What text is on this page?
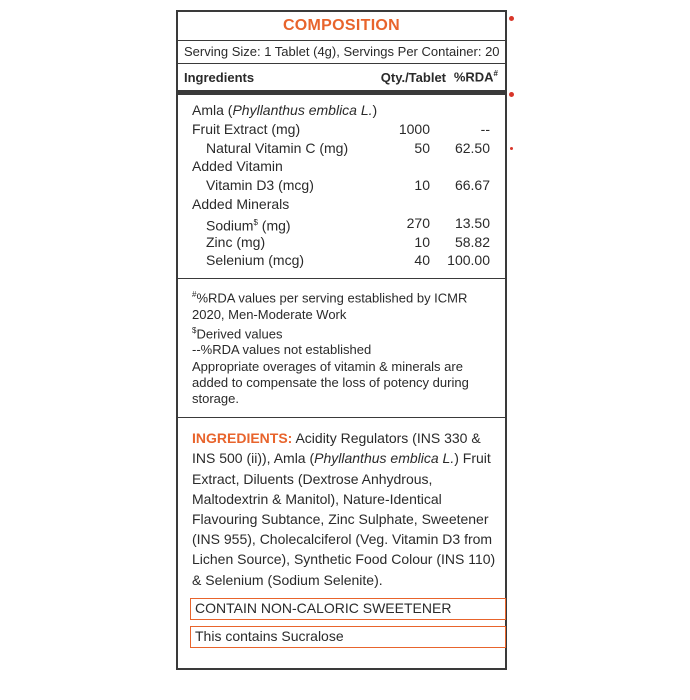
COMPOSITION
Serving Size: 1 Tablet (4g), Servings Per Container: 20
Ingredients	Qty./Tablet %RDA#
Amla (Phyllanthus emblica L.)
Fruit Extract (mg)	1000	--
Natural Vitamin C (mg)	50	62.50
Added Vitamin
Vitamin D3 (mcg)	10	66.67
Added Minerals
Sodium$ (mg)	270	13.50
Zinc (mg)	10	58.82
Selenium (mcg)	40	100.00
#%RDA values per serving established by ICMR 2020, Men-Moderate Work
$Derived values
--%RDA values not established
Appropriate overages of vitamin & minerals are added to compensate the loss of potency during storage.
INGREDIENTS: Acidity Regulators (INS 330 & INS 500 (ii)), Amla (Phyllanthus emblica L.) Fruit Extract, Diluents (Dextrose Anhydrous, Maltodextrin & Manitol), Nature-Identical Flavouring Subtance, Zinc Sulphate, Sweetener (INS 955), Cholecalciferol (Veg. Vitamin D3 from Lichen Source), Synthetic Food Colour (INS 110) & Selenium (Sodium Selenite).
CONTAIN NON-CALORIC SWEETENER
This contains Sucralose
